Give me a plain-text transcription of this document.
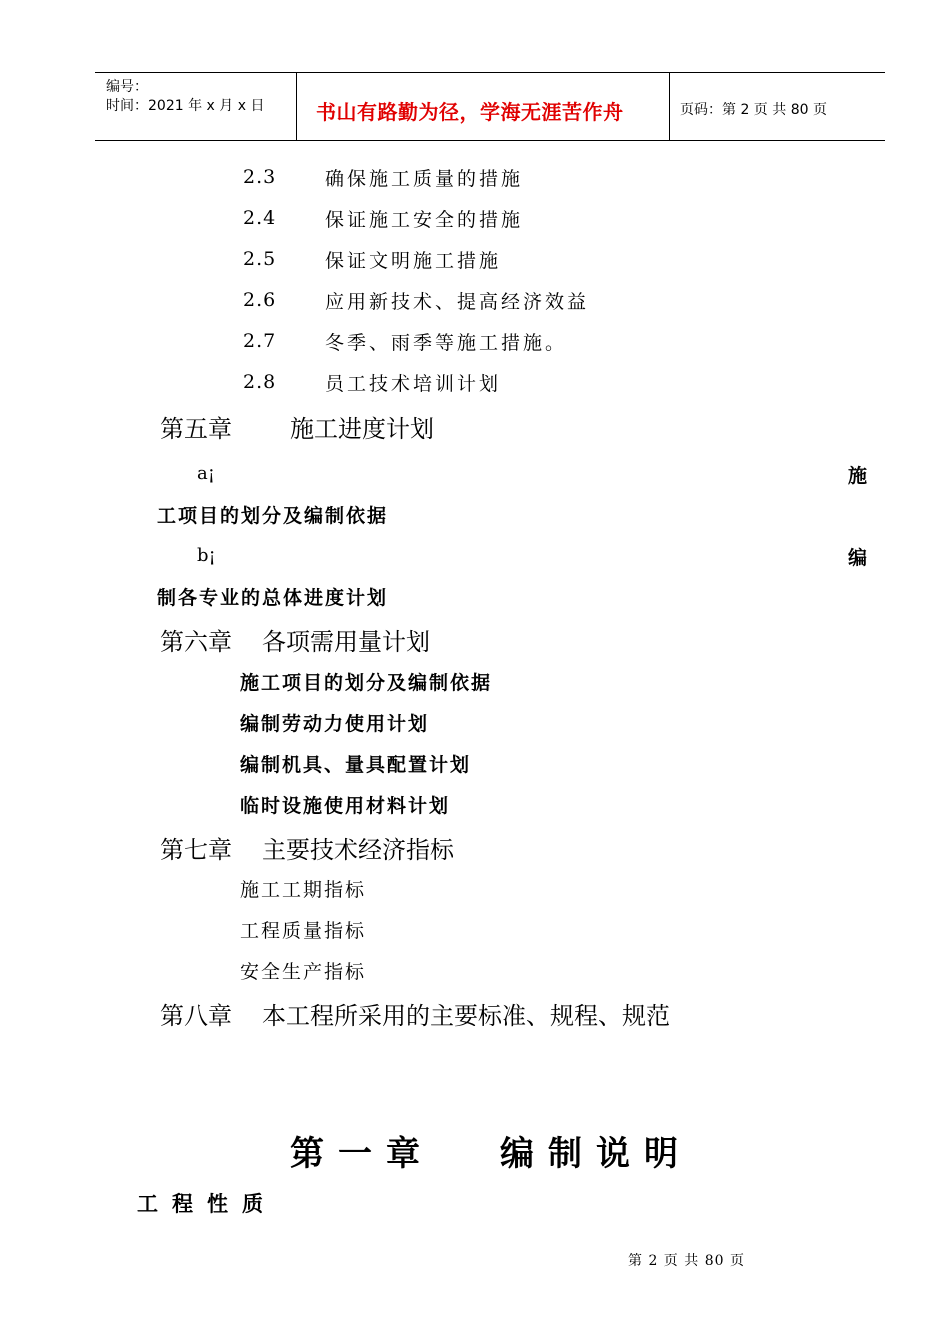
编号：
时间：2021 年 x 月 x 日	书山有路勤为径，学海无涯苦作舟	页码：第 2 页 共 80 页
2.3	确保施工质量的措施
2.4	保证施工安全的措施
2.5	保证文明施工措施
2.6	应用新技术、提高经济效益
2.7	冬季、雨季等施工措施。
2.8	员工技术培训计划
第五章 施工进度计划
a¡	施
工项目的划分及编制依据
b¡	编
制各专业的总体进度计划
第六章 各项需用量计划
施工项目的划分及编制依据
编制劳动力使用计划
编制机具、量具配置计划
临时设施使用材料计划
第七章 主要技术经济指标
施工工期指标
工程质量指标
安全生产指标
第八章 本工程所采用的主要标准、规程、规范
第一章 编制说明
工程性质
第 2 页 共 80 页
